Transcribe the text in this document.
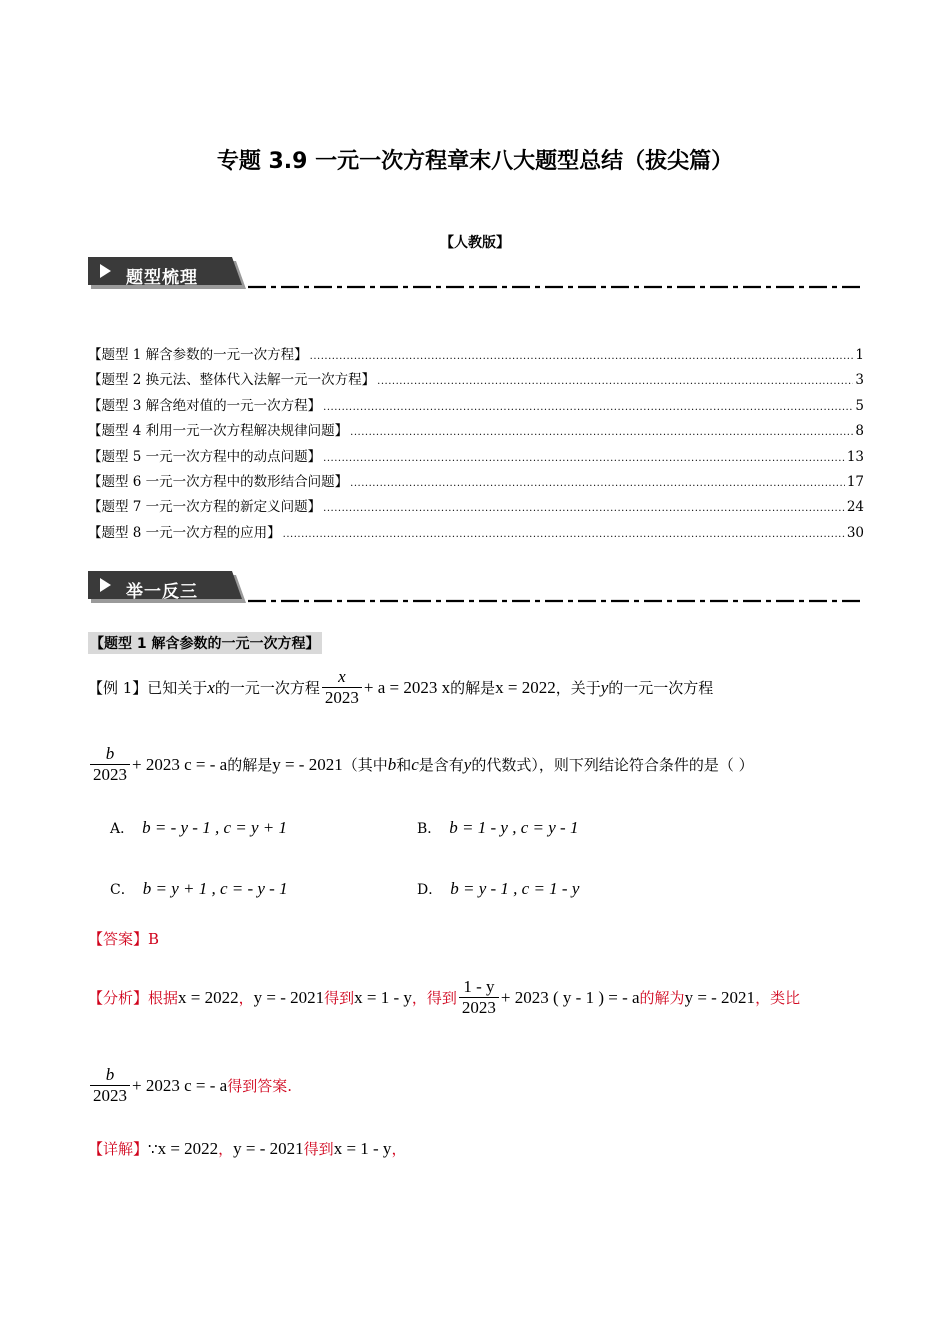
专题 3.9 一元一次方程章末八大题型总结（拔尖篇）
【人教版】
题型梳理
【题型 1 解含参数的一元一次方程】 .....	1
【题型 2 换元法、整体代入法解一元一次方程】 .....	3
【题型 3 解含绝对值的一元一次方程】 .....	5
【题型 4 利用一元一次方程解决规律问题】 .....	8
【题型 5 一元一次方程中的动点问题】 .....	13
【题型 6 一元一次方程中的数形结合问题】 .....	17
【题型 7 一元一次方程的新定义问题】 .....	24
【题型 8 一元一次方程的应用】 .....	30
举一反三
【题型 1 解含参数的一元一次方程】
【例 1】已知关于 x 的一元一次方程 $\frac{x}{2023} + a = 2023$ x 的解是 x = 2022 ，关于 y 的一元一次方程
$\frac{b}{2023} + 2023$ c = - a 的解是 y = - 2021 （其中 b 和 c 是含有 y 的代数式），则下列结论符合条件的是（ ）
A． b = - y - 1 , c = y + 1	B． b = 1 - y , c = y - 1
C． b = y + 1 , c = - y - 1	D． b = y - 1 , c = 1 - y
【答案】 B
【分析】 根据 x = 2022 ， y = - 2021 得到 x = 1 - y ，得到 $\frac{1 - y}{2023} + 2023$ ( y - 1 ) = - a 的解为 y = - 2021 ，类比
$\frac{b}{2023} + 2023$ c = - a 得到答案.
【详解】 ∵ x = 2022 ， y = - 2021 得到 x = 1 - y ，
